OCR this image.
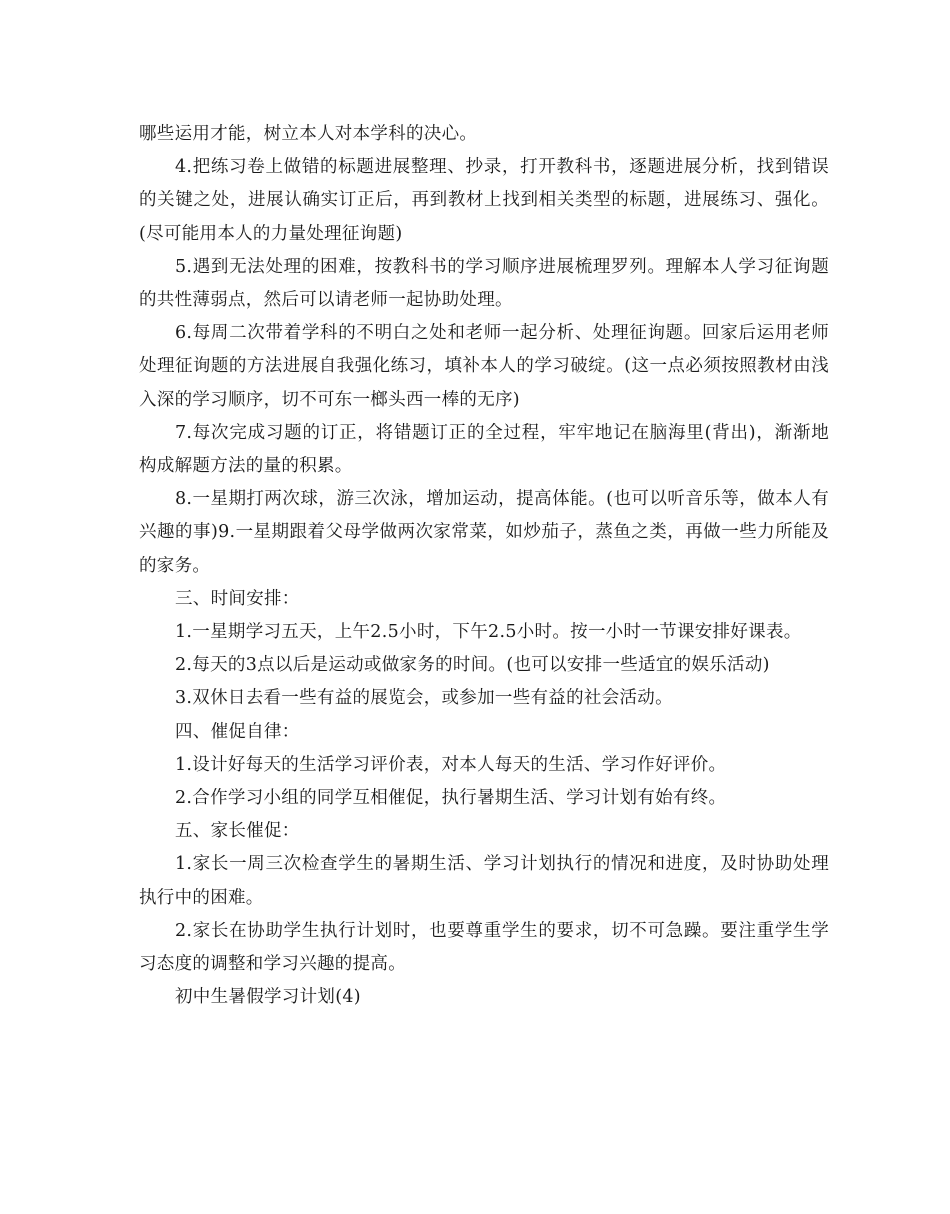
哪些运用才能，树立本人对本学科的决心。

4.把练习卷上做错的标题进展整理、抄录，打开教科书，逐题进展分析，找到错误的关键之处，进展认确实订正后，再到教材上找到相关类型的标题，进展练习、强化。(尽可能用本人的力量处理征询题)

5.遇到无法处理的困难，按教科书的学习顺序进展梳理罗列。理解本人学习征询题的共性薄弱点，然后可以请老师一起协助处理。

6.每周二次带着学科的不明白之处和老师一起分析、处理征询题。回家后运用老师处理征询题的方法进展自我强化练习，填补本人的学习破绽。(这一点必须按照教材由浅入深的学习顺序，切不可东一榔头西一棒的无序)

7.每次完成习题的订正，将错题订正的全过程，牢牢地记在脑海里(背出)，渐渐地构成解题方法的量的积累。

8.一星期打两次球，游三次泳，增加运动，提高体能。(也可以听音乐等，做本人有兴趣的事)9.一星期跟着父母学做两次家常菜，如炒茄子，蒸鱼之类，再做一些力所能及的家务。

三、时间安排：

1.一星期学习五天，上午2.5小时，下午2.5小时。按一小时一节课安排好课表。

2.每天的3点以后是运动或做家务的时间。(也可以安排一些适宜的娱乐活动)

3.双休日去看一些有益的展览会，或参加一些有益的社会活动。

四、催促自律：

1.设计好每天的生活学习评价表，对本人每天的生活、学习作好评价。

2.合作学习小组的同学互相催促，执行暑期生活、学习计划有始有终。

五、家长催促：

1.家长一周三次检查学生的暑期生活、学习计划执行的情况和进度，及时协助处理执行中的困难。

2.家长在协助学生执行计划时，也要尊重学生的要求，切不可急躁。要注重学生学习态度的调整和学习兴趣的提高。

初中生暑假学习计划(4)
